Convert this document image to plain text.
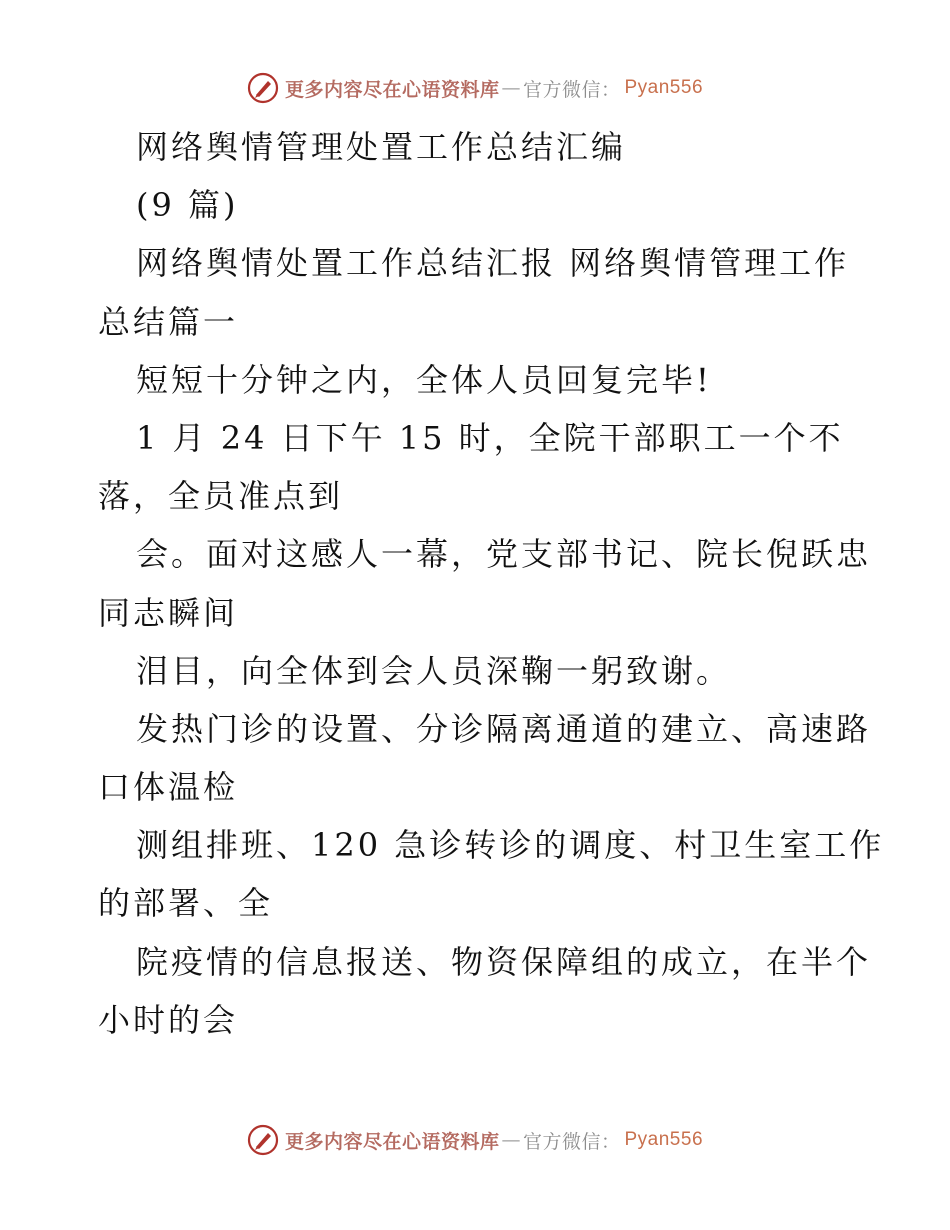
更多内容尽在心语资料库 — 官方微信： Pyan556
网络舆情管理处置工作总结汇编
(9 篇)
网络舆情处置工作总结汇报 网络舆情管理工作
总结篇一
短短十分钟之内，全体人员回复完毕!
1 月 24 日下午 15 时，全院干部职工一个不
落，全员准点到
会。面对这感人一幕，党支部书记、院长倪跃忠
同志瞬间
泪目，向全体到会人员深鞠一躬致谢。
发热门诊的设置、分诊隔离通道的建立、高速路
口体温检
测组排班、120 急诊转诊的调度、村卫生室工作
的部署、全
院疫情的信息报送、物资保障组的成立，在半个
小时的会
更多内容尽在心语资料库 — 官方微信： Pyan556
